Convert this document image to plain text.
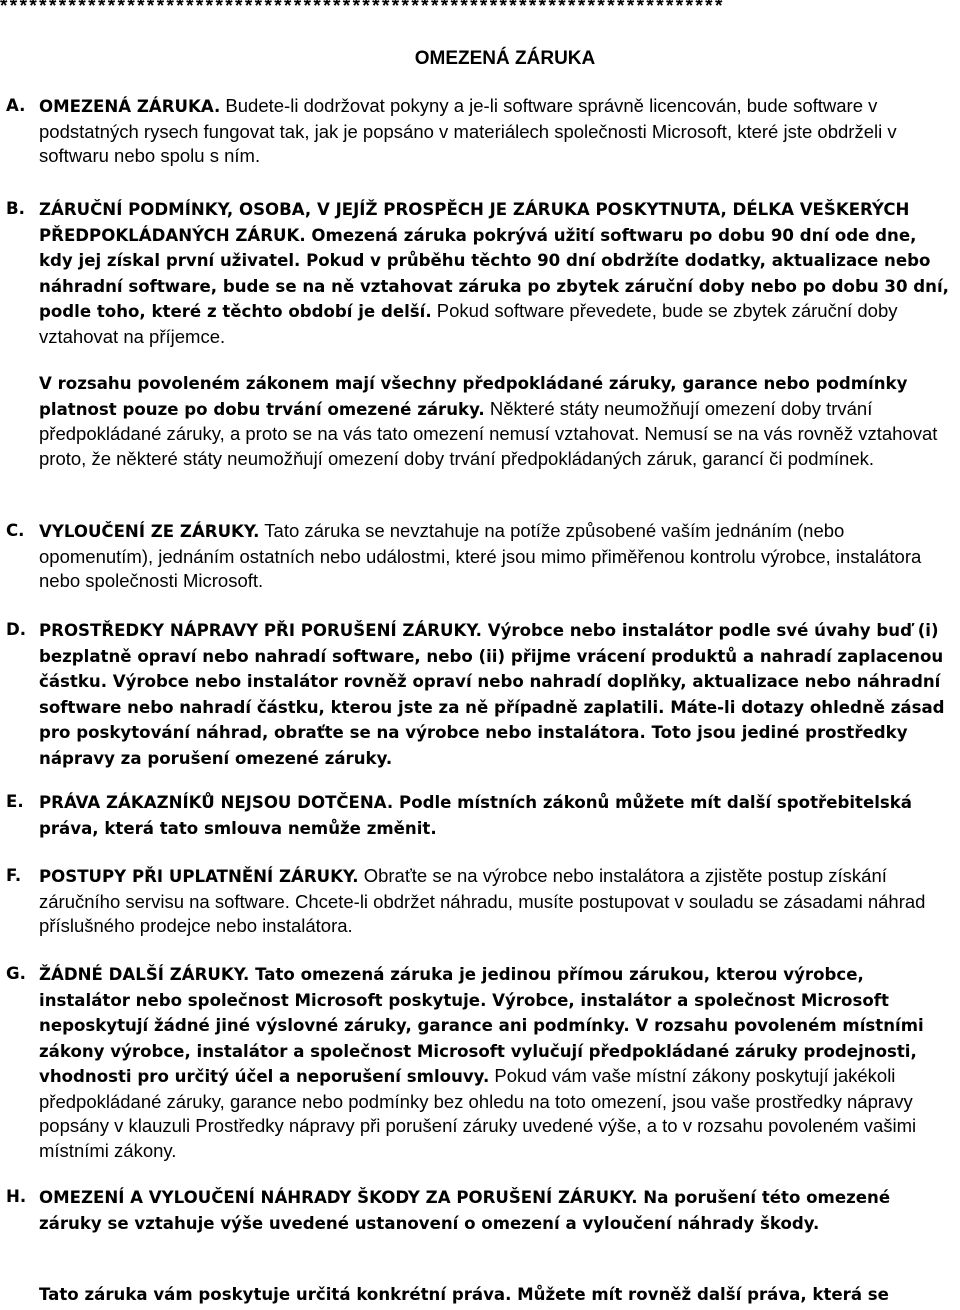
**************************************************************************
OMEZENÁ ZÁRUKA
A. OMEZENÁ ZÁRUKA. Budete-li dodržovat pokyny a je-li software správně licencován, bude software v podstatných rysech fungovat tak, jak je popsáno v materiálech společnosti Microsoft, které jste obdrželi v softwaru nebo spolu s ním.
B. ZÁRUČNÍ PODMÍNKY, OSOBA, V JEJÍŽ PROSPĚCH JE ZÁRUKA POSKYTNUTA, DÉLKA VEŠKERÝCH PŘEDPOKLÁDANÝCH ZÁRUK. Omezená záruka pokrývá užití softwaru po dobu 90 dní ode dne, kdy jej získal první uživatel. Pokud v průběhu těchto 90 dní obdržíte dodatky, aktualizace nebo náhradní software, bude se na ně vztahovat záruka po zbytek záruční doby nebo po dobu 30 dní, podle toho, které z těchto období je delší. Pokud software převedete, bude se zbytek záruční doby vztahovat na příjemce.
V rozsahu povoleném zákonem mají všechny předpokládané záruky, garance nebo podmínky platnost pouze po dobu trvání omezené záruky. Některé státy neumožňují omezení doby trvání předpokládané záruky, a proto se na vás tato omezení nemusí vztahovat. Nemusí se na vás rovněž vztahovat proto, že některé státy neumožňují omezení doby trvání předpokládaných záruk, garancí či podmínek.
C. VYLOUČENÍ ZE ZÁRUKY. Tato záruka se nevztahuje na potíže způsobené vaším jednáním (nebo opomenutím), jednáním ostatních nebo událostmi, které jsou mimo přiměřenou kontrolu výrobce, instalátora nebo společnosti Microsoft.
D. PROSTŘEDKY NÁPRAVY PŘI PORUŠENÍ ZÁRUKY. Výrobce nebo instalátor podle své úvahy buď (i) bezplatně opraví nebo nahradí software, nebo (ii) přijme vrácení produktů a nahradí zaplacenou částku. Výrobce nebo instalátor rovněž opraví nebo nahradí doplňky, aktualizace nebo náhradní software nebo nahradí částku, kterou jste za ně případně zaplatili. Máte-li dotazy ohledně zásad pro poskytování náhrad, obraťte se na výrobce nebo instalátora. Toto jsou jediné prostředky nápravy za porušení omezené záruky.
E. PRÁVA ZÁKAZNÍKŮ NEJSOU DOTČENA. Podle místních zákonů můžete mít další spotřebitelská práva, která tato smlouva nemůže změnit.
F. POSTUPY PŘI UPLATNĚNÍ ZÁRUKY. Obraťte se na výrobce nebo instalátora a zjistěte postup získání záručního servisu na software. Chcete-li obdržet náhradu, musíte postupovat v souladu se zásadami náhrad příslušného prodejce nebo instalátora.
G. ŽÁDNÉ DALŠÍ ZÁRUKY. Tato omezená záruka je jedinou přímou zárukou, kterou výrobce, instalátor nebo společnost Microsoft poskytuje. Výrobce, instalátor a společnost Microsoft neposkytují žádné jiné výslovné záruky, garance ani podmínky. V rozsahu povoleném místními zákony výrobce, instalátor a společnost Microsoft vylučují předpokládané záruky prodejnosti, vhodnosti pro určitý účel a neporušení smlouvy. Pokud vám vaše místní zákony poskytují jakékoli předpokládané záruky, garance nebo podmínky bez ohledu na toto omezení, jsou vaše prostředky nápravy popsány v klauzuli Prostředky nápravy při porušení záruky uvedené výše, a to v rozsahu povoleném vašimi místními zákony.
H. OMEZENÍ A VYLOUČENÍ NÁHRADY ŠKODY ZA PORUŠENÍ ZÁRUKY. Na porušení této omezené záruky se vztahuje výše uvedené ustanovení o omezení a vyloučení náhrady škody.
Tato záruka vám poskytuje určitá konkrétní práva. Můžete mít rovněž další práva, která se
